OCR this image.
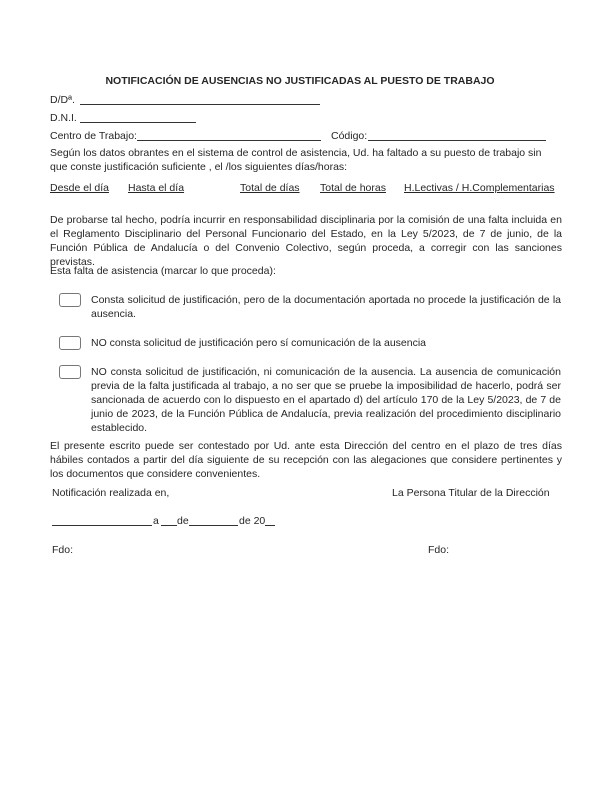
NOTIFICACIÓN DE AUSENCIAS NO JUSTIFICADAS AL PUESTO DE TRABAJO
D/Dª.
D.N.I.
Centro de Trabajo:	Código:
Según los datos obrantes en el sistema de control de asistencia, Ud. ha faltado a su puesto de trabajo sin que conste justificación suficiente , el /los siguientes días/horas:
Desde el día Hasta el día	Total de días Total de horas H.Lectivas / H.Complementarias
De probarse tal hecho, podría incurrir en responsabilidad disciplinaria por la comisión de una falta incluida en el Reglamento Disciplinario del Personal Funcionario del Estado, en la Ley 5/2023, de 7 de junio, de la Función Pública de Andalucía o del Convenio Colectivo, según proceda, a corregir con las sanciones previstas.
Esta falta de asistencia (marcar lo que proceda):
Consta solicitud de justificación, pero de la documentación aportada no procede la justificación de la ausencia.
NO consta solicitud de justificación pero sí comunicación de la ausencia
NO consta solicitud de justificación, ni comunicación de la ausencia. La ausencia de comunicación previa de la falta justificada al trabajo, a no ser que se pruebe la imposibilidad de hacerlo, podrá ser sancionada de acuerdo con lo dispuesto en el apartado d) del artículo 170 de la Ley 5/2023, de 7 de junio de 2023, de la Función Pública de Andalucía, previa realización del procedimiento disciplinario establecido.
El presente escrito puede ser contestado por Ud. ante esta Dirección del centro en el plazo de tres días hábiles contados a partir del día siguiente de su recepción con las alegaciones que considere pertinentes y los documentos que considere convenientes.
Notificación realizada en,	La Persona Titular de la Dirección
a de	de 20
Fdo:	Fdo:
